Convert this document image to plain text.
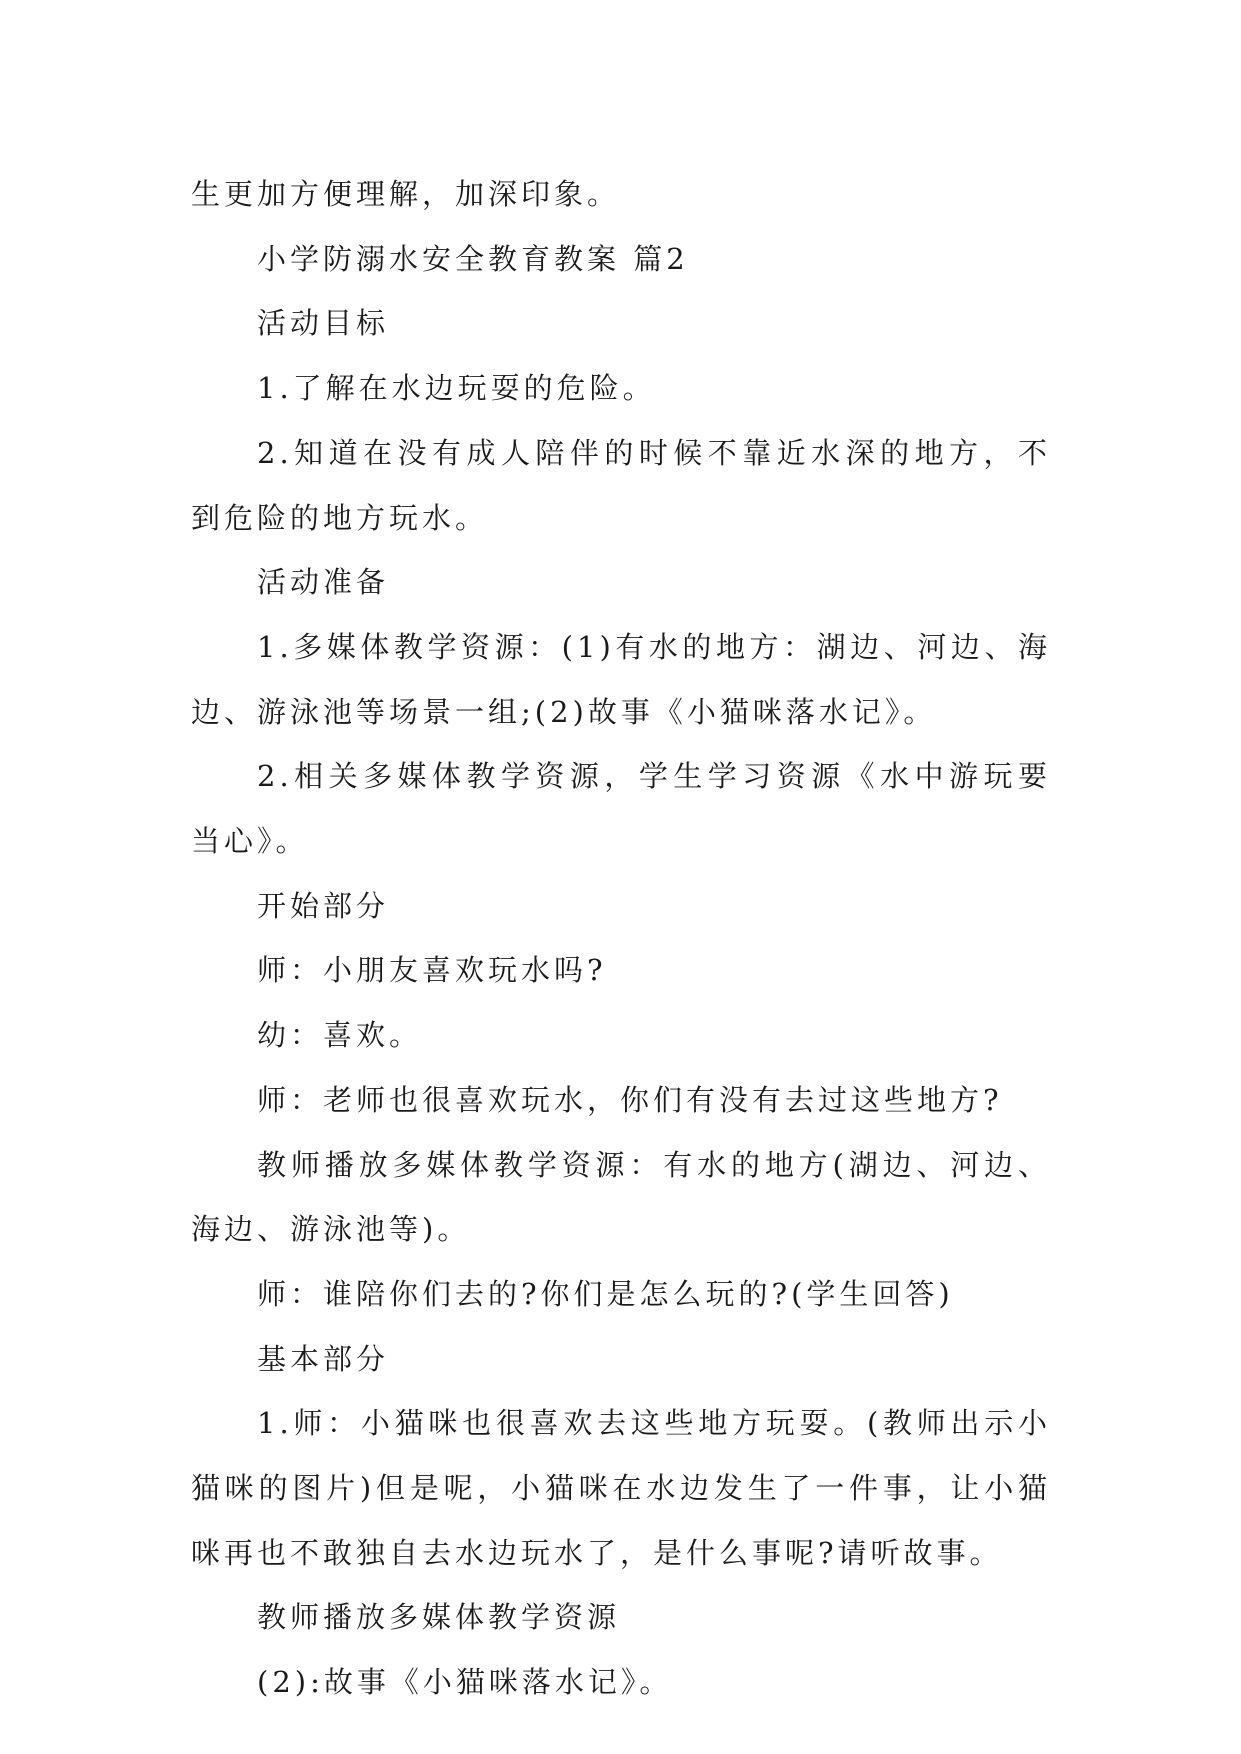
生更加方便理解，加深印象。

小学防溺水安全教育教案 篇2

活动目标

1.了解在水边玩耍的危险。

2.知道在没有成人陪伴的时候不靠近水深的地方，不到危险的地方玩水。

活动准备

1.多媒体教学资源：(1)有水的地方：湖边、河边、海边、游泳池等场景一组;(2)故事《小猫咪落水记》。

2.相关多媒体教学资源，学生学习资源《水中游玩要当心》。

开始部分

师：小朋友喜欢玩水吗?

幼：喜欢。

师：老师也很喜欢玩水，你们有没有去过这些地方?

教师播放多媒体教学资源：有水的地方(湖边、河边、海边、游泳池等)。

师：谁陪你们去的?你们是怎么玩的?(学生回答)

基本部分

1.师：小猫咪也很喜欢去这些地方玩耍。(教师出示小猫咪的图片)但是呢，小猫咪在水边发生了一件事，让小猫咪再也不敢独自去水边玩水了，是什么事呢?请听故事。

教师播放多媒体教学资源

(2):故事《小猫咪落水记》。
